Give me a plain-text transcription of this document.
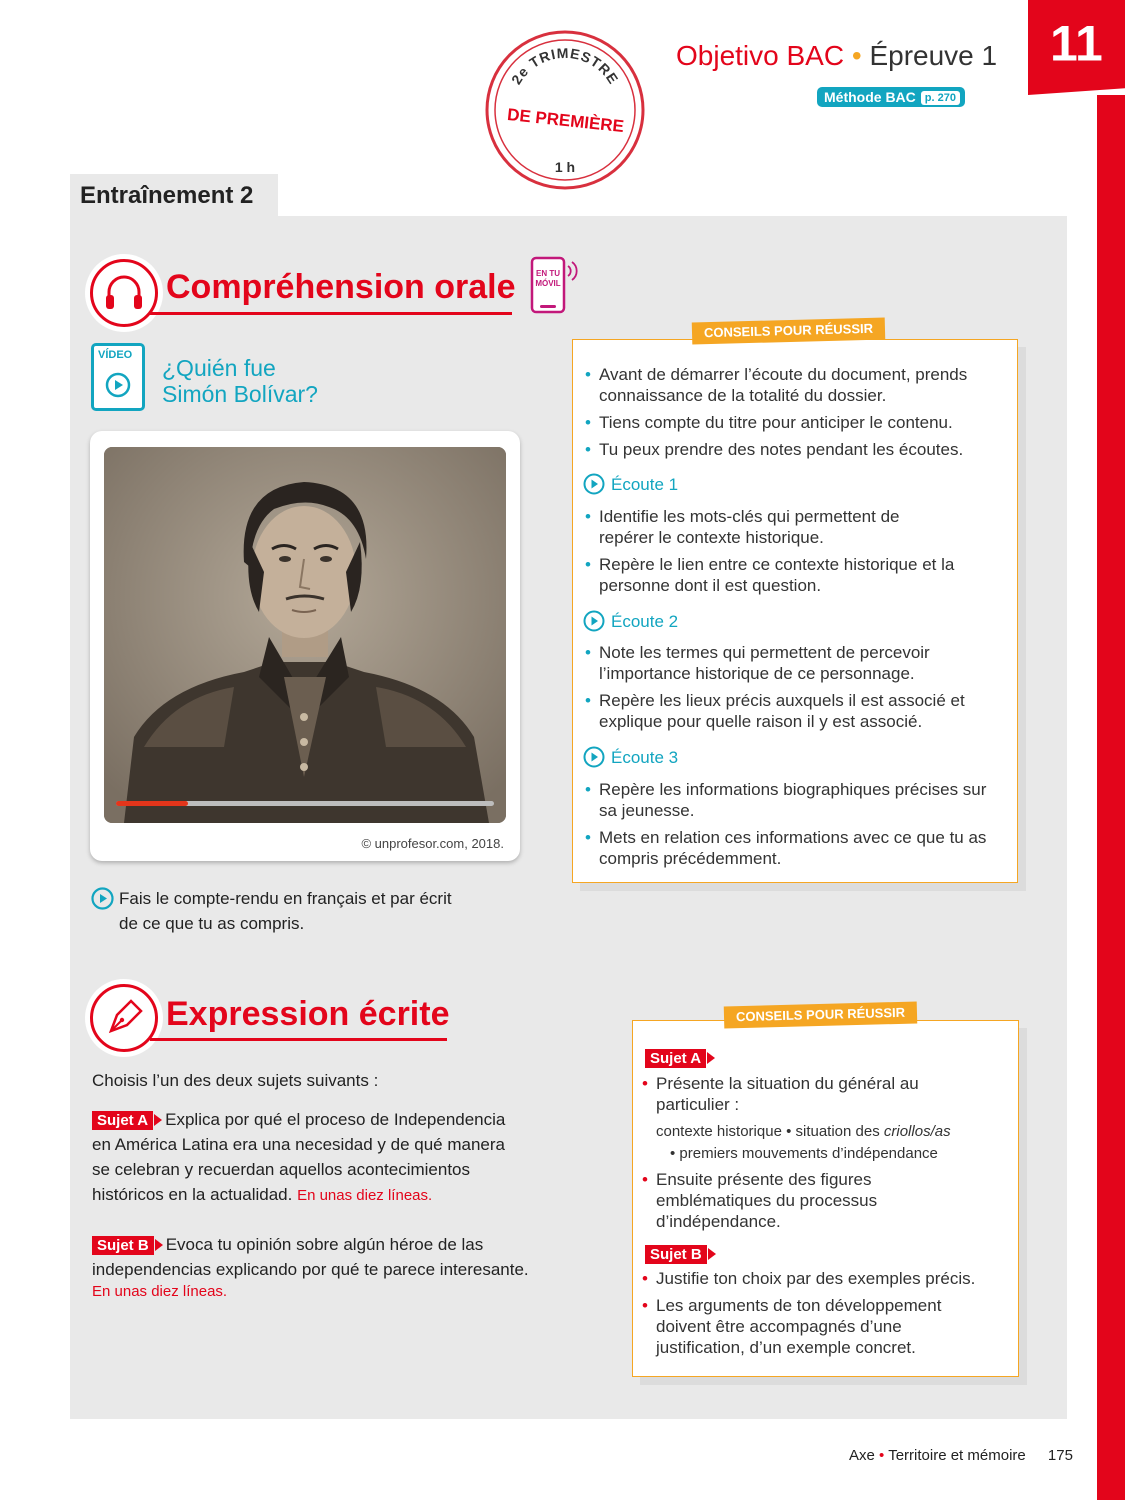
11
2e TRIMESTRE
DE PREMIÈRE
1 h
Objetivo BAC • Épreuve 1
Méthode BAC p. 270
Entraînement 2
Compréhension orale	EN TU
MÓVIL
VÍDEO ¿Quién fue
Simón Bolívar?
© unprofesor.com, 2018.
Fais le compte-rendu en français et par écrit
de ce que tu as compris.
• Avant de démarrer l’écoute du document, prends connaissance de la totalité du dossier.
• Tiens compte du titre pour anticiper le contenu.
• Tu peux prendre des notes pendant les écoutes.
Écoute 1
• Identifie les mots-clés qui permettent de repérer le contexte historique.
• Repère le lien entre ce contexte historique et la personne dont il est question.
Écoute 2
• Note les termes qui permettent de percevoir l’importance historique de ce personnage.
• Repère les lieux précis auxquels il est associé et explique pour quelle raison il y est associé.
Écoute 3
• Repère les informations biographiques précises sur sa jeunesse.
• Mets en relation ces informations avec ce que tu as compris précédemment.
CONSEILS POUR RÉUSSIR
Expression écrite
Choisis l’un des deux sujets suivants :
Sujet A Explica por qué el proceso de Independencia
en América Latina era una necesidad y de qué manera
se celebran y recuerdan aquellos acontecimientos
históricos en la actualidad. En unas diez líneas.
Sujet B Evoca tu opinión sobre algún héroe de las
independencias explicando por qué te parece interesante.
En unas diez líneas.
Sujet A
• Présente la situation du général au particulier :
contexte historique • situation des criollos/as
• premiers mouvements d’indépendance
• Ensuite présente des figures emblématiques du processus d’indépendance.
Sujet B
• Justifie ton choix par des exemples précis.
• Les arguments de ton développement doivent être accompagnés d’une justification, d’un exemple concret.
CONSEILS POUR RÉUSSIR
Axe • Territoire et mémoire 175
